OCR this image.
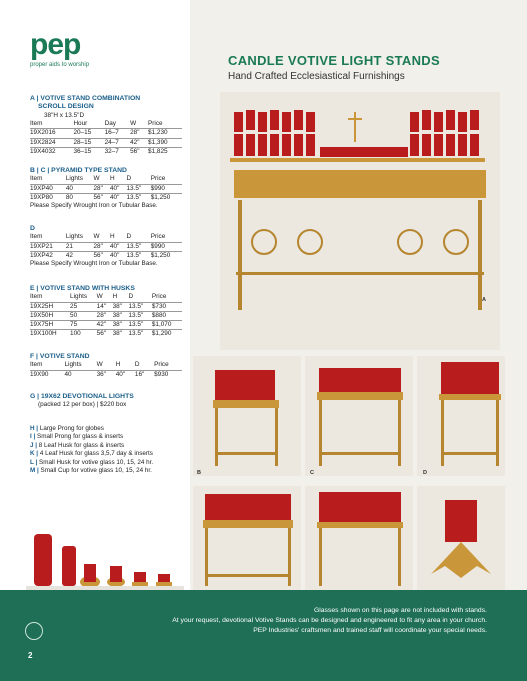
pep
proper aids to worship
A | VOTIVE STAND COMBINATION
SCROLL DESIGN
38"H x 13.5"D
Item	Hour	Day	W	Price
19X2016	20–15	16–7	28"	$1,230
19X2824	28–15	24–7	42"	$1,390
19X4032	36–15	32–7	56"	$1,825
B | C | PYRAMID TYPE STAND
Item	Lights	W	H	D	Price
19XP40	40	28"	40"	13.5"	$990
19XP80	80	56"	40"	13.5"	$1,250
Please Specify Wrought Iron or Tubular Base.
D
Item	Lights	W	H	D	Price
19XP21	21	28"	40"	13.5"	$990
19XP42	42	56"	40"	13.5"	$1,250
Please Specify Wrought Iron or Tubular Base.
E | VOTIVE STAND WITH HUSKS
Item	Lights	W	H	D	Price
19X25H	25	14"	38"	13.5"	$730
19X50H	50	28"	38"	13.5"	$880
19X75H	75	42"	38"	13.5"	$1,070
19X100H	100	56"	38"	13.5"	$1,290
F | VOTIVE STAND
Item	Lights	W	H	D	Price
19X90	40	36"	40"	16"	$930
G | 19X62 DEVOTIONAL LIGHTS
(packed 12 per box) | $220 box
H | Large Prong for globes
I | Small Prong for glass & inserts
J | 8 Leaf Husk for glass & inserts
K | 4 Leaf Husk for glass 3,5,7 day & inserts
L | Small Husk for votive glass 10, 15, 24 hr.
M | Small Cup for votive glass 10, 15, 24 hr.
CANDLE VOTIVE LIGHT STANDS
Hand Crafted Ecclesiastical Furnishings
A
B	C	D
Glasses shown on this page are not included with stands.
At your request, devotional Votive Stands can be designed and engineered to fit any area in your church.
PEP Industries' craftsmen and trained staff will coordinate your special needs.
2
